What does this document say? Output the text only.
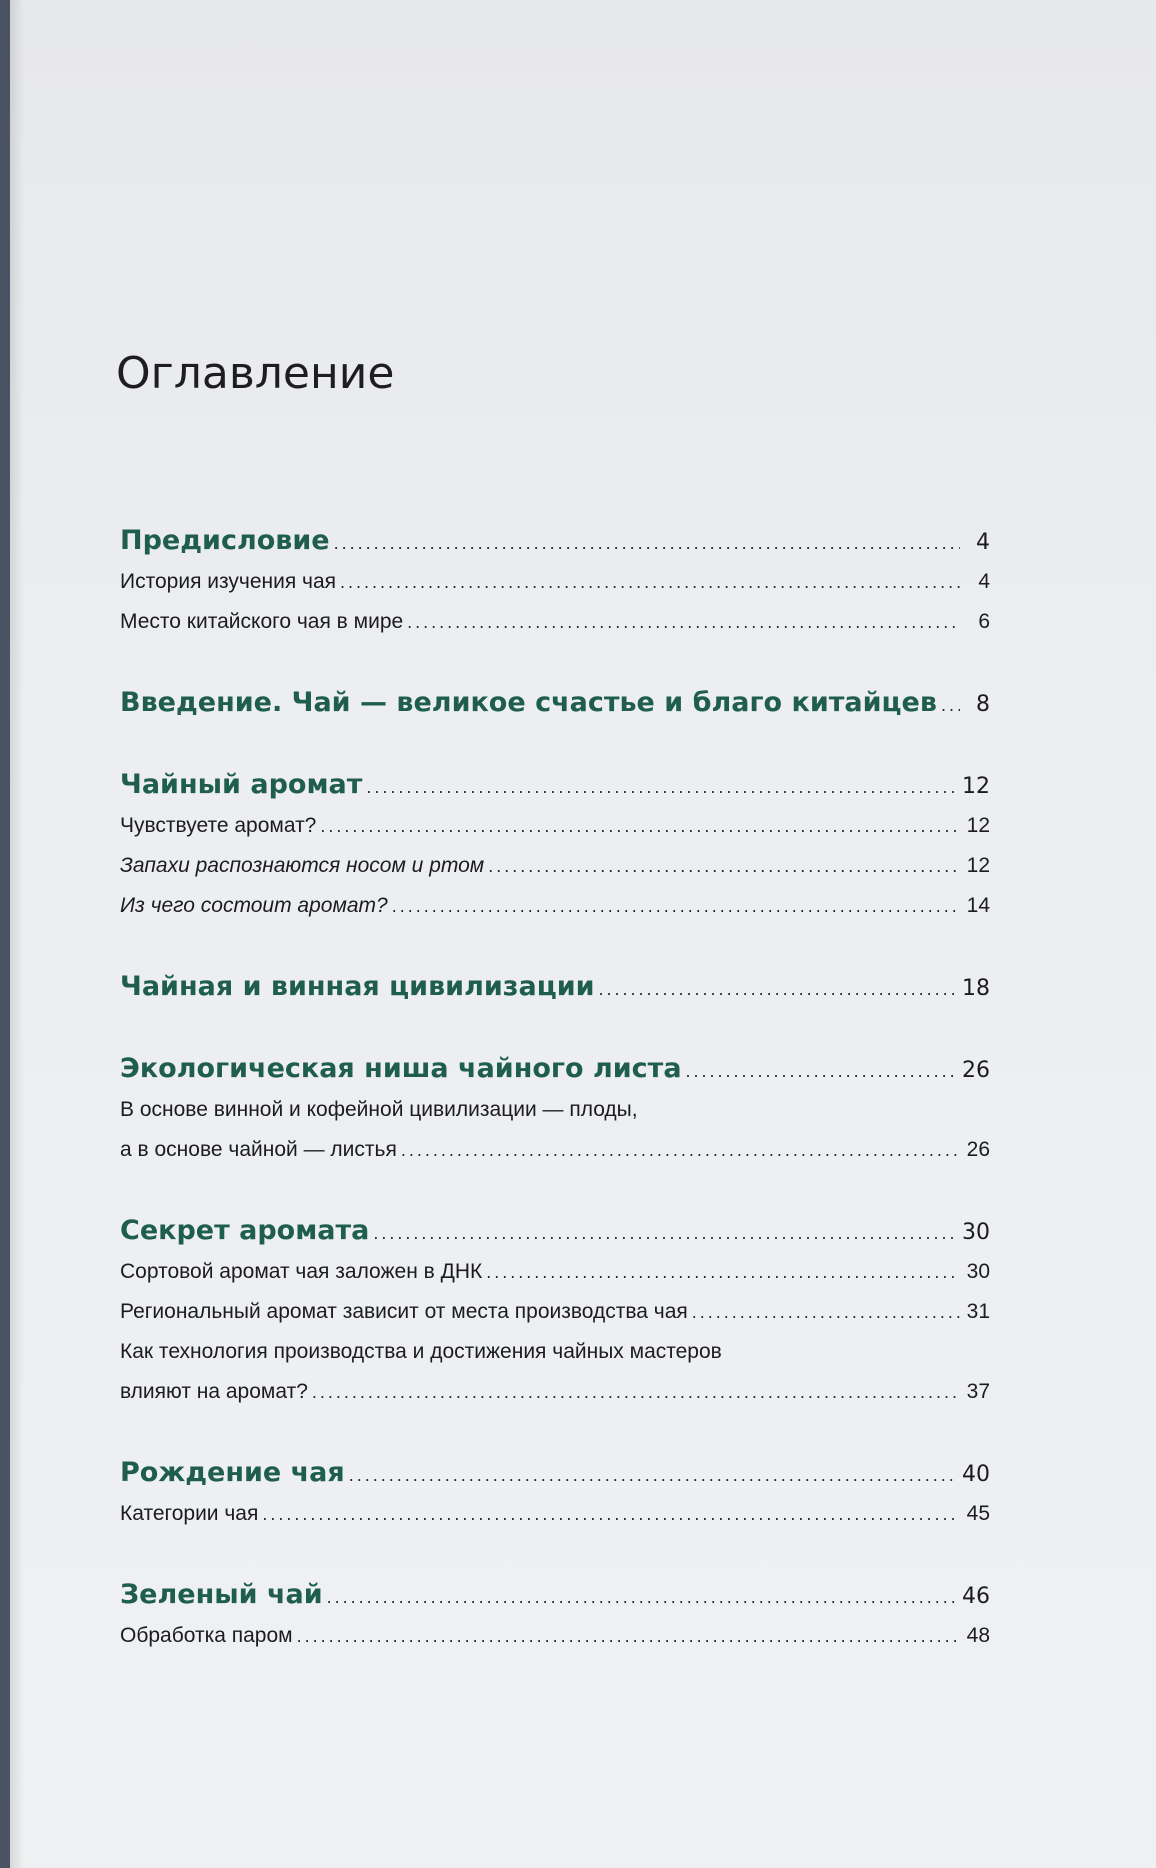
Оглавление
Предисловие .....	4
История изучения чая .....	4
Место китайского чая в мире .....	6
Введение. Чай — великое счастье и благо китайцев .....	8
Чайный аромат .....	12
Чувствуете аромат? .....	12
Запахи распознаются носом и ртом .....	12
Из чего состоит аромат? .....	14
Чайная и винная цивилизации .....	18
Экологическая ниша чайного листа .....	26
В основе винной и кофейной цивилизации — плоды,
а в основе чайной — листья .....	26
Секрет аромата .....	30
Сортовой аромат чая заложен в ДНК .....	30
Региональный аромат зависит от места производства чая .....	31
Как технология производства и достижения чайных мастеров
влияют на аромат? .....	37
Рождение чая .....	40
Категории чая .....	45
Зеленый чай .....	46
Обработка паром .....	48
